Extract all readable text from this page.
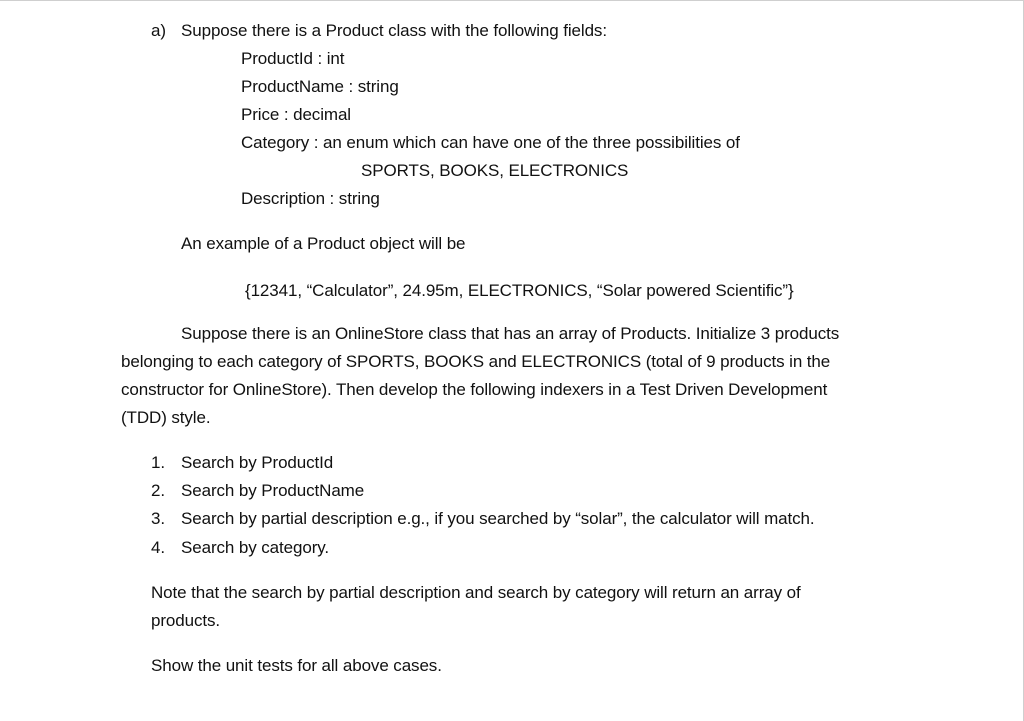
a) Suppose there is a Product class with the following fields:
ProductId : int
ProductName : string
Price : decimal
Category : an enum which can have one of the three possibilities of
SPORTS, BOOKS, ELECTRONICS
Description : string
An example of a Product object will be
{12341, “Calculator”, 24.95m, ELECTRONICS, “Solar powered Scientific”}
Suppose there is an OnlineStore class that has an array of Products. Initialize 3 products
belonging to each category of SPORTS, BOOKS and ELECTRONICS (total of 9 products in the
constructor for OnlineStore). Then develop the following indexers in a Test Driven Development
(TDD) style.
1. Search by ProductId
2. Search by ProductName
3. Search by partial description e.g., if you searched by “solar”, the calculator will match.
4. Search by category.
Note that the search by partial description and search by category will return an array of
products.
Show the unit tests for all above cases.
